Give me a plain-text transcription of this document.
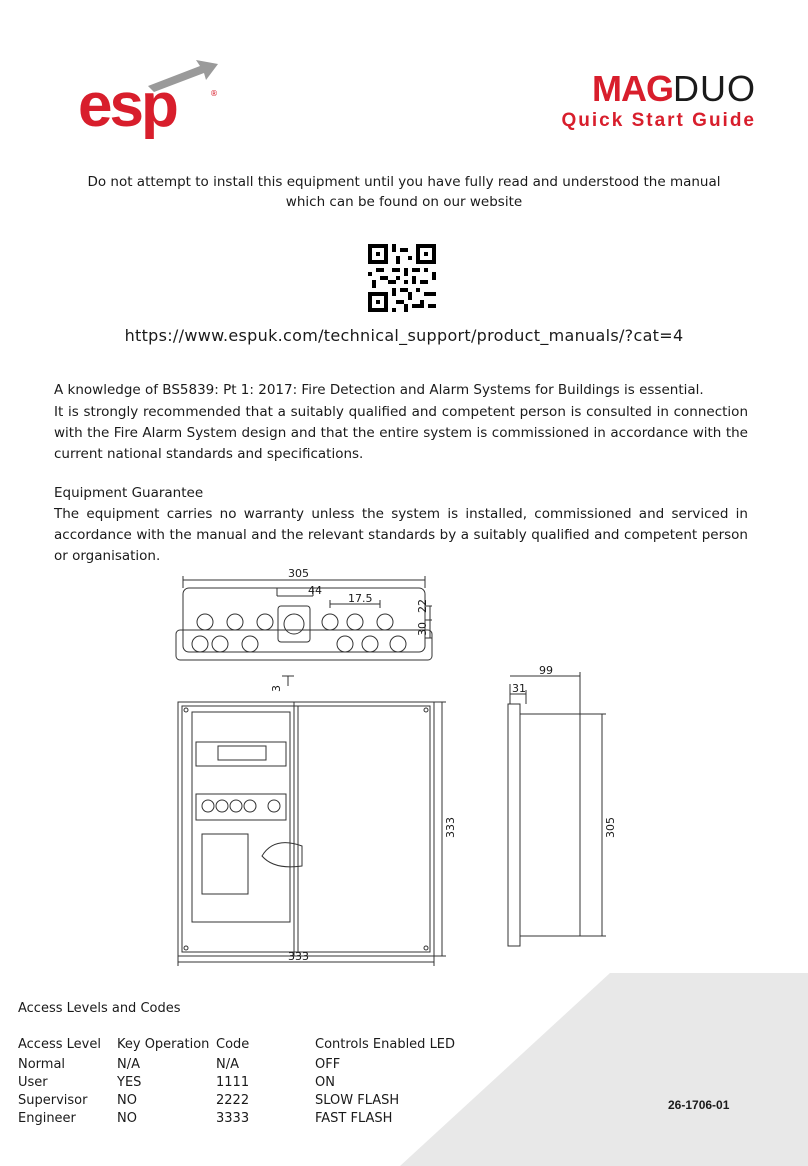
esp	®	MAGDUO
Quick Start Guide
Do not attempt to install this equipment until you have fully read and understood the manual
which can be found on our website
https://www.espuk.com/technical_support/product_manuals/?cat=4
A knowledge of BS5839: Pt 1: 2017: Fire Detection and Alarm Systems for Buildings is essential.
It is strongly recommended that a suitably qualified and competent person is consulted in connection with the Fire Alarm System design and that the entire system is commissioned in accordance with the current national standards and specifications.
Equipment Guarantee
The equipment carries no warranty unless the system is installed, commissioned and serviced in accordance with the manual and the relevant standards by a suitably qualified and competent person or organisation.
305
44
17.5
22
30
3
99
31
305
333
333
Access Levels and Codes
Access Level	Key Operation	Code	Controls Enabled LED
Normal	N/A	N/A	OFF
User	YES	1111	ON
Supervisor	NO	2222	SLOW FLASH
Engineer	NO	3333	FAST FLASH
26-1706-01
